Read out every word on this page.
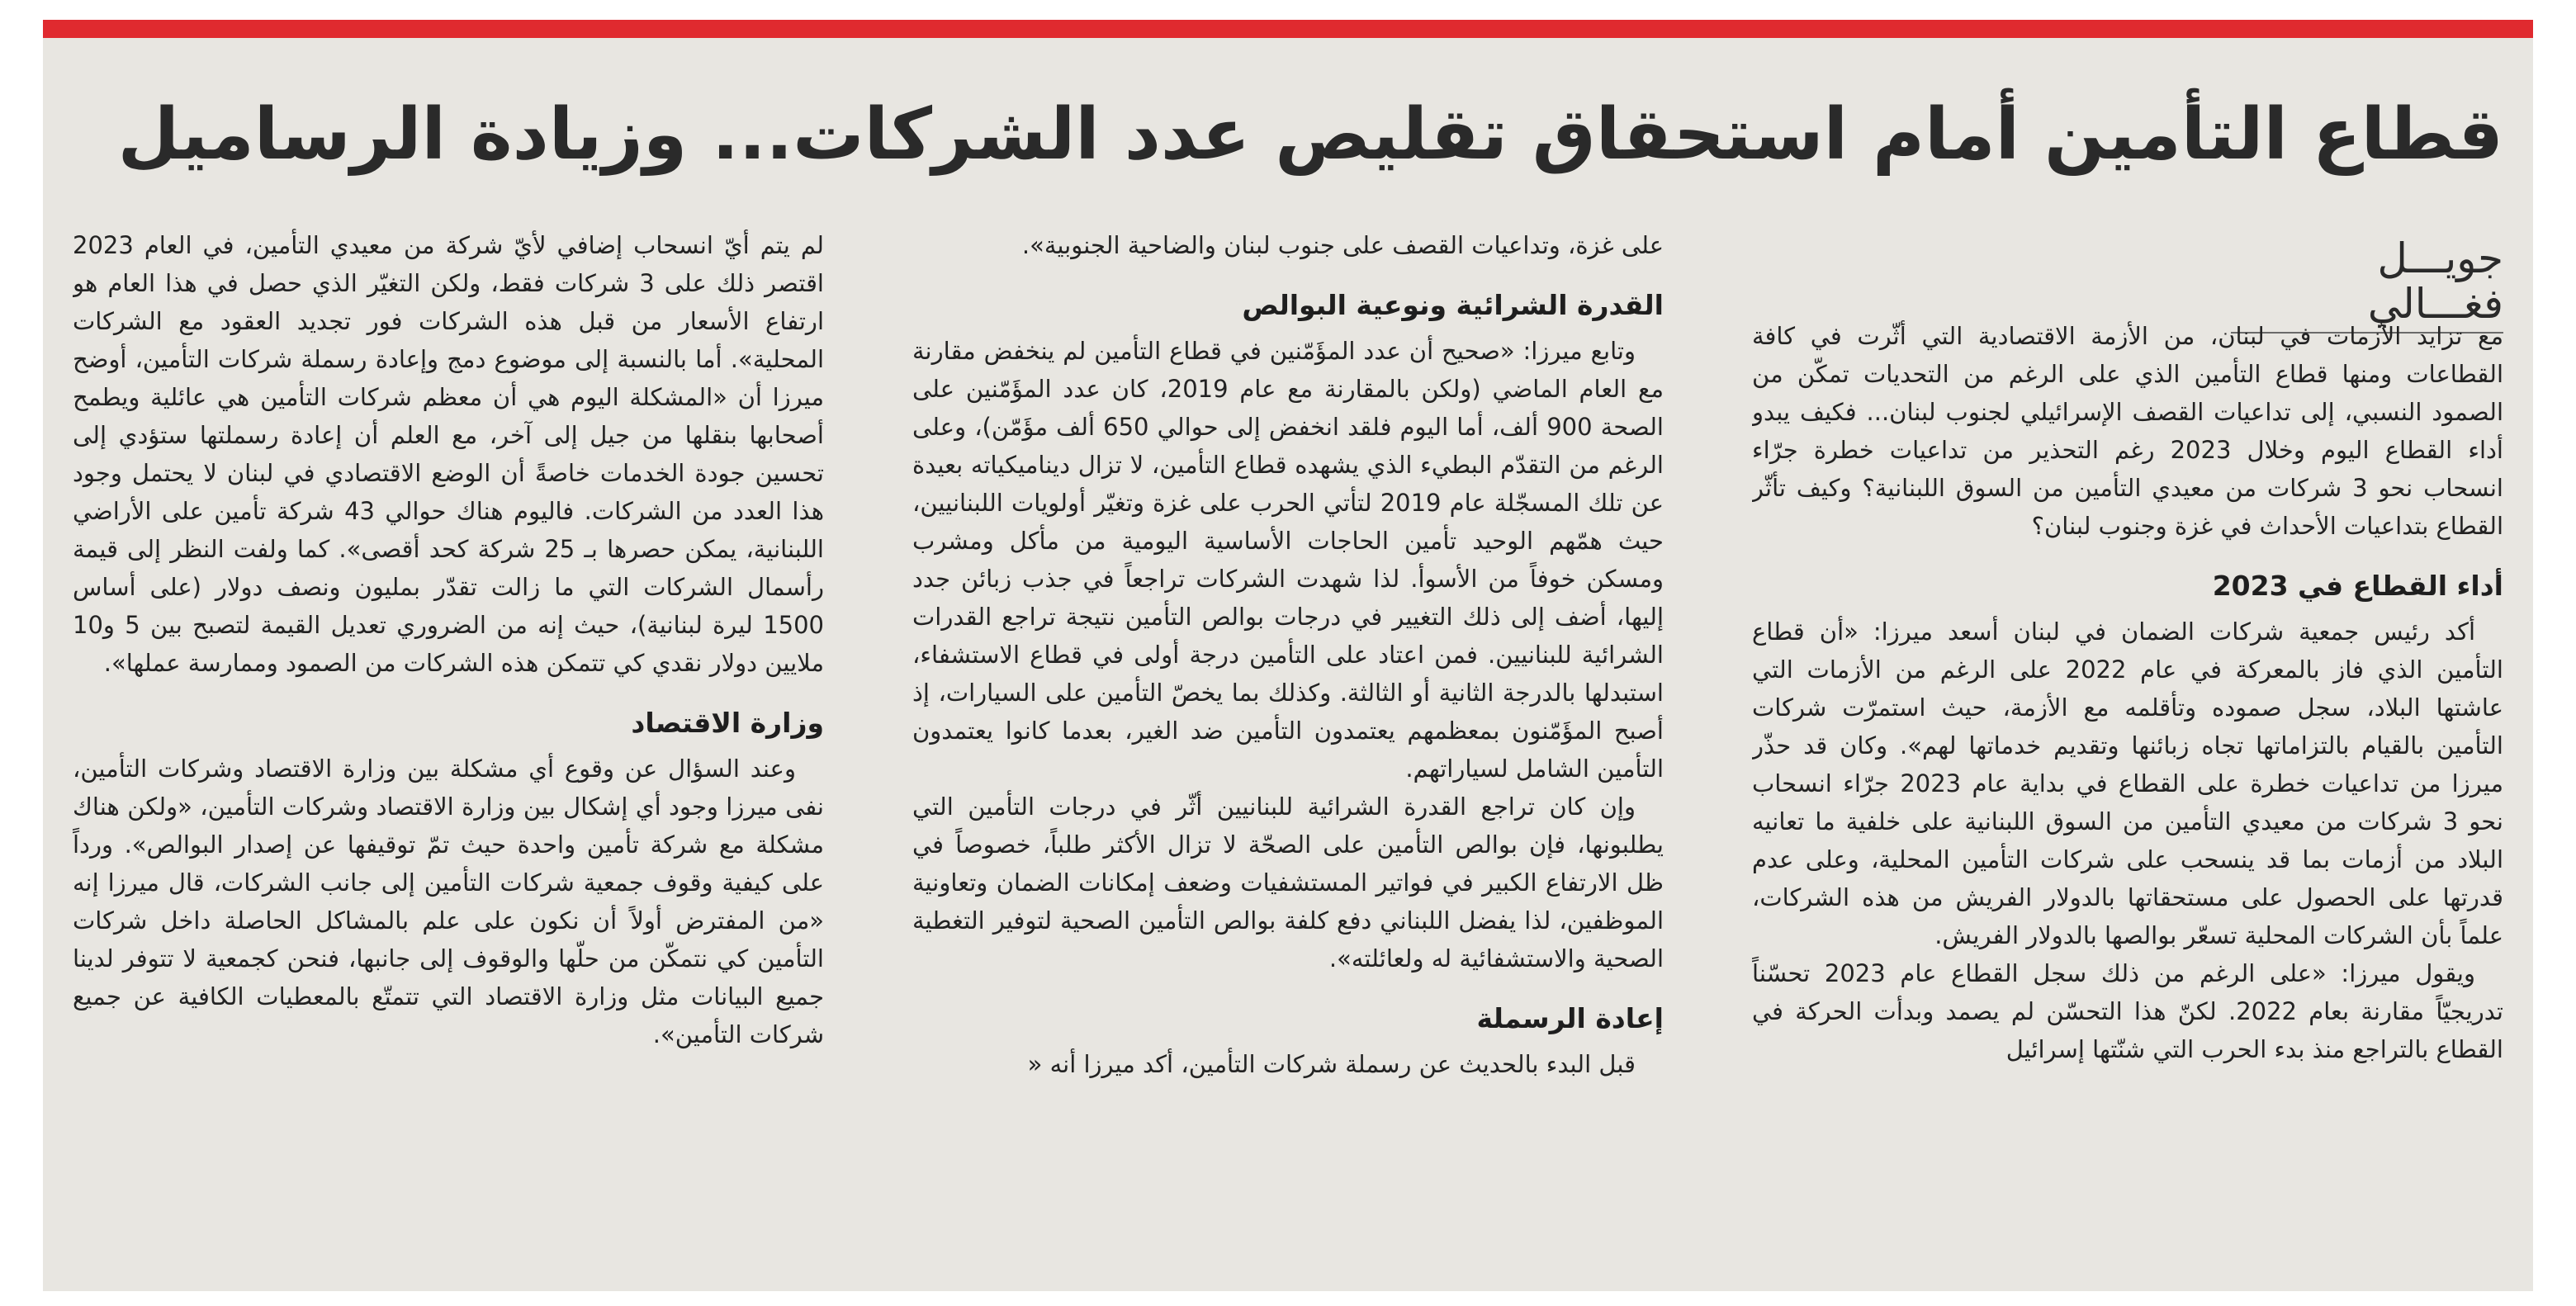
قطاع التأمين أمام استحقاق تقليص عدد الشركات... وزيادة الرساميل
جويـــل فغـــالي

مع تزايد الأزمات في لبنان، من الأزمة الاقتصادية التي أثّرت في كافة القطاعات ومنها قطاع التأمين الذي على الرغم من التحديات تمكّن من الصمود النسبي، إلى تداعيات القصف الإسرائيلي لجنوب لبنان... فكيف يبدو أداء القطاع اليوم وخلال 2023 رغم التحذير من تداعيات خطرة جرّاء انسحاب نحو 3 شركات من معيدي التأمين من السوق اللبنانية؟ وكيف تأثّر القطاع بتداعيات الأحداث في غزة وجنوب لبنان؟

أداء القطاع في 2023

أكد رئيس جمعية شركات الضمان في لبنان أسعد ميرزا: «أن قطاع التأمين الذي فاز بالمعركة في عام 2022 على الرغم من الأزمات التي عاشتها البلاد، سجل صموده وتأقلمه مع الأزمة، حيث استمرّت شركات التأمين بالقيام بالتزاماتها تجاه زبائنها وتقديم خدماتها لهم». وكان قد حذّر ميرزا من تداعيات خطرة على القطاع في بداية عام 2023 جرّاء انسحاب نحو 3 شركات من معيدي التأمين من السوق اللبنانية على خلفية ما تعانيه البلاد من أزمات بما قد ينسحب على شركات التأمين المحلية، وعلى عدم قدرتها على الحصول على مستحقاتها بالدولار الفريش من هذه الشركات، علماً بأن الشركات المحلية تسعّر بوالصها بالدولار الفريش.

ويقول ميرزا: «على الرغم من ذلك سجل القطاع عام 2023 تحسّناً تدريجيّاً مقارنة بعام 2022. لكنّ هذا التحسّن لم يصمد وبدأت الحركة في القطاع بالتراجع منذ بدء الحرب التي شنّتها إسرائيل

على غزة، وتداعيات القصف على جنوب لبنان والضاحية الجنوبية».

القدرة الشرائية ونوعية البوالص

وتابع ميرزا: «صحيح أن عدد المؤَمّنين في قطاع التأمين لم ينخفض مقارنة مع العام الماضي (ولكن بالمقارنة مع عام 2019، كان عدد المؤَمّنين على الصحة 900 ألف، أما اليوم فلقد انخفض إلى حوالي 650 ألف مؤَمّن)، وعلى الرغم من التقدّم البطيء الذي يشهده قطاع التأمين، لا تزال ديناميكياته بعيدة عن تلك المسجّلة عام 2019 لتأتي الحرب على غزة وتغيّر أولويات اللبنانيين، حيث همّهم الوحيد تأمين الحاجات الأساسية اليومية من مأكل ومشرب ومسكن خوفاً من الأسوأ. لذا شهدت الشركات تراجعاً في جذب زبائن جدد إليها، أضف إلى ذلك التغيير في درجات بوالص التأمين نتيجة تراجع القدرات الشرائية للبنانيين. فمن اعتاد على التأمين درجة أولى في قطاع الاستشفاء، استبدلها بالدرجة الثانية أو الثالثة. وكذلك بما يخصّ التأمين على السيارات، إذ أصبح المؤَمّنون بمعظمهم يعتمدون التأمين ضد الغير، بعدما كانوا يعتمدون التأمين الشامل لسياراتهم.

وإن كان تراجع القدرة الشرائية للبنانيين أثّر في درجات التأمين التي يطلبونها، فإن بوالص التأمين على الصحّة لا تزال الأكثر طلباً، خصوصاً في ظل الارتفاع الكبير في فواتير المستشفيات وضعف إمكانات الضمان وتعاونية الموظفين، لذا يفضل اللبناني دفع كلفة بوالص التأمين الصحية لتوفير التغطية الصحية والاستشفائية له ولعائلته».

إعادة الرسملة

قبل البدء بالحديث عن رسملة شركات التأمين، أكد ميرزا أنه «

لم يتم أيّ انسحاب إضافي لأيّ شركة من معيدي التأمين، في العام 2023 اقتصر ذلك على 3 شركات فقط، ولكن التغيّر الذي حصل في هذا العام هو ارتفاع الأسعار من قبل هذه الشركات فور تجديد العقود مع الشركات المحلية». أما بالنسبة إلى موضوع دمج وإعادة رسملة شركات التأمين، أوضح ميرزا أن «المشكلة اليوم هي أن معظم شركات التأمين هي عائلية ويطمح أصحابها بنقلها من جيل إلى آخر، مع العلم أن إعادة رسملتها ستؤدي إلى تحسين جودة الخدمات خاصةً أن الوضع الاقتصادي في لبنان لا يحتمل وجود هذا العدد من الشركات. فاليوم هناك حوالي 43 شركة تأمين على الأراضي اللبنانية، يمكن حصرها بـ 25 شركة كحد أقصى». كما ولفت النظر إلى قيمة رأسمال الشركات التي ما زالت تقدّر بمليون ونصف دولار (على أساس 1500 ليرة لبنانية)، حيث إنه من الضروري تعديل القيمة لتصبح بين 5 و10 ملايين دولار نقدي كي تتمكن هذه الشركات من الصمود وممارسة عملها».

وزارة الاقتصاد

وعند السؤال عن وقوع أي مشكلة بين وزارة الاقتصاد وشركات التأمين، نفى ميرزا وجود أي إشكال بين وزارة الاقتصاد وشركات التأمين، «ولكن هناك مشكلة مع شركة تأمين واحدة حيث تمّ توقيفها عن إصدار البوالص». ورداً على كيفية وقوف جمعية شركات التأمين إلى جانب الشركات، قال ميرزا إنه «من المفترض أولاً أن نكون على علم بالمشاكل الحاصلة داخل شركات التأمين كي نتمكّن من حلّها والوقوف إلى جانبها، فنحن كجمعية لا تتوفر لدينا جميع البيانات مثل وزارة الاقتصاد التي تتمتّع بالمعطيات الكافية عن جميع شركات التأمين».
